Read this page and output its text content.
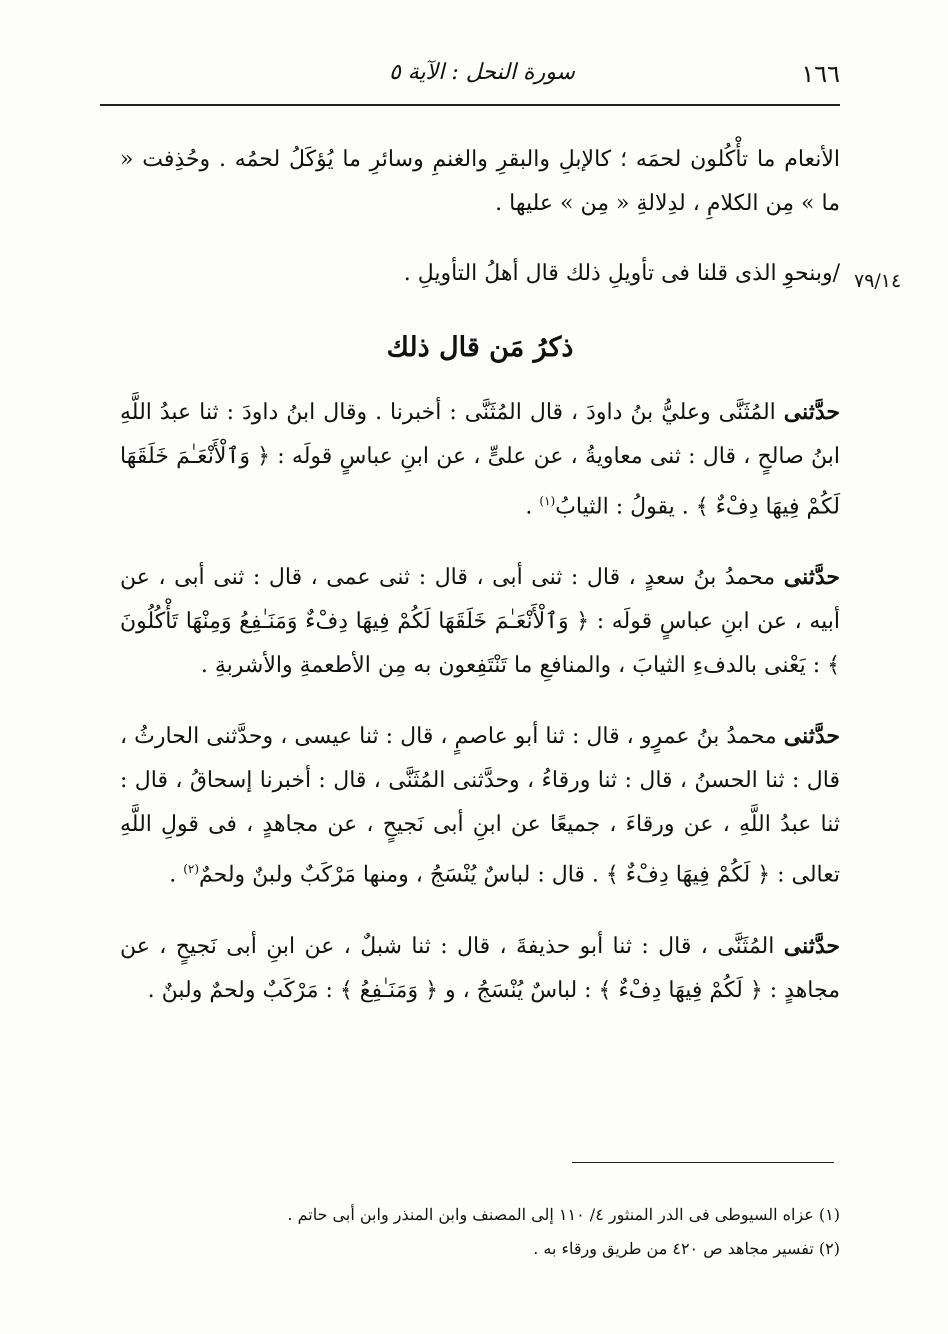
١٦٦
سورة النحل : الآية ٥
٧٩/١٤

الأنعام ما تأْكُلون لحمَه ؛ كالإبلِ والبقرِ والغنمِ وسائرِ ما يُؤكَلُ لحمُه . وحُذِفت « ما » مِن الكلامِ ، لدِلالةِ « مِن » عليها .

/وبنحوِ الذى قلنا فى تأويلِ ذلك قال أهلُ التأويلِ .

ذكرُ مَن قال ذلك

حدَّثنى المُثَنَّى وعليُّ بنُ داودَ ، قال المُثَنَّى : أخبرنا . وقال ابنُ داودَ : ثنا عبدُ اللَّهِ ابنُ صالحٍ ، قال : ثنى معاويةُ ، عن علىٍّ ، عن ابنِ عباسٍ قولَه : ﴿ وَٱلْأَنْعَـٰمَ خَلَقَهَا لَكُمْ فِيهَا دِفْءٌ ﴾ . يقولُ : الثيابُ$^{(١)}$ .

حدَّثنى محمدُ بنُ سعدٍ ، قال : ثنى أبى ، قال : ثنى عمى ، قال : ثنى أبى ، عن أبيه ، عن ابنِ عباسٍ قولَه : ﴿ وَٱلْأَنْعَـٰمَ خَلَقَهَا لَكُمْ فِيهَا دِفْءٌ وَمَنَـٰفِعُ وَمِنْهَا تَأْكُلُونَ ﴾ : يَعْنى بالدفءِ الثيابَ ، والمنافعِ ما تَنْتَفِعون به مِن الأطعمةِ والأشربةِ .

حدَّثنى محمدُ بنُ عمرٍو ، قال : ثنا أبو عاصمٍ ، قال : ثنا عيسى ، وحدَّثنى الحارثُ ، قال : ثنا الحسنُ ، قال : ثنا ورقاءُ ، وحدَّثنى المُثَنَّى ، قال : أخبرنا إسحاقُ ، قال : ثنا عبدُ اللَّهِ ، عن ورقاءَ ، جميعًا عن ابنِ أبى نَجيحٍ ، عن مجاهدٍ ، فى قولِ اللَّهِ تعالى : ﴿ لَكُمْ فِيهَا دِفْءٌ ﴾ . قال : لباسٌ يُنْسَجُ ، ومنها مَرْكَبٌ ولبنٌ ولحمٌ$^{(٢)}$ .

حدَّثنى المُثَنَّى ، قال : ثنا أبو حذيفةَ ، قال : ثنا شبلٌ ، عن ابنِ أبى نَجيحٍ ، عن مجاهدٍ : ﴿ لَكُمْ فِيهَا دِفْءٌ ﴾ : لباسٌ يُنْسَجُ ، و ﴿ وَمَنَـٰفِعُ ﴾ : مَرْكَبٌ ولحمٌ ولبنٌ .

(١) عزاه السيوطى فى الدر المنثور ٤/ ١١٠ إلى المصنف وابن المنذر وابن أبى حاتم .

(٢) تفسير مجاهد ص ٤٢٠ من طريق ورقاء به .
